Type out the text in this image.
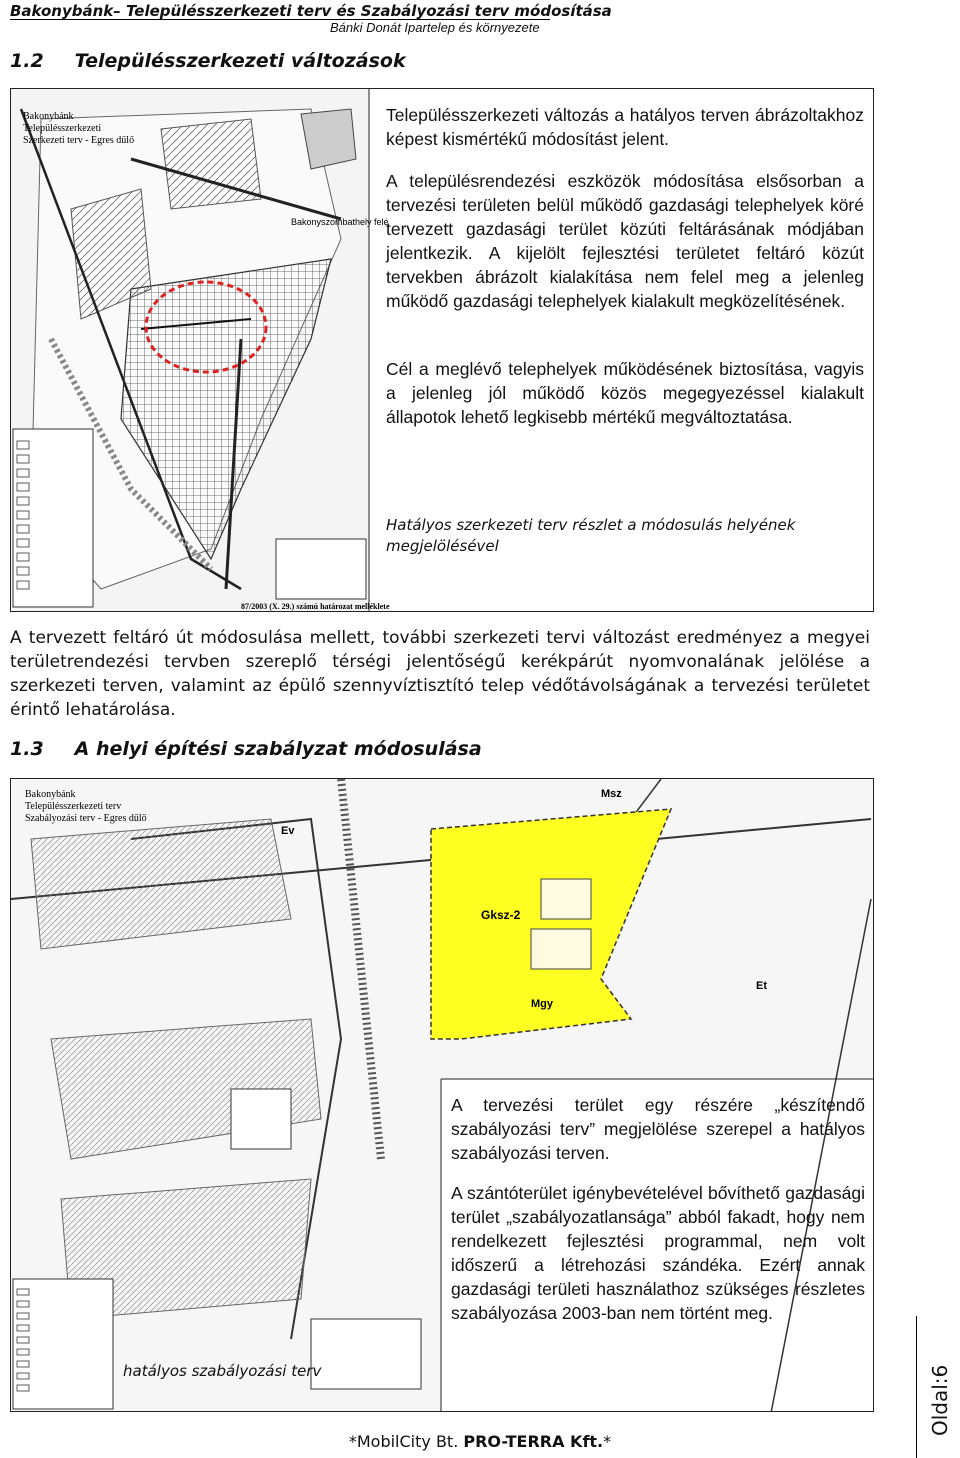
Bakonybánk– Településszerkezeti terv és Szabályozási terv módosítása
Bánki Donát Ipartelep és környezete
1.2 Településszerkezeti változások
Bakonybánk
Településszerkezeti
Szerkezeti terv - Egres dűlő
Bakonyszombathely felé
87/2003 (X. 29.) számú határozat melléklete
Településszerkezeti változás a hatályos terven ábrázoltakhoz képest kismértékű módosítást jelent.
A településrendezési eszközök módosítása elsősorban a tervezési területen belül működő gazdasági telephelyek köré tervezett gazdasági terület közúti feltárásának módjában jelentkezik. A kijelölt fejlesztési területet feltáró közút tervekben ábrázolt kialakítása nem felel meg a jelenleg működő gazdasági telephelyek kialakult megközelítésének.
Cél a meglévő telephelyek működésének biztosítása, vagyis a jelenleg jól működő közös megegyezéssel kialakult állapotok lehető legkisebb mértékű megváltoztatása.
Hatályos szerkezeti terv részlet a módosulás helyének megjelölésével
A tervezett feltáró út módosulása mellett, további szerkezeti tervi változást eredményez a megyei területrendezési tervben szereplő térségi jelentőségű kerékpárút nyomvonalának jelölése a szerkezeti terven, valamint az épülő szennyvíztisztító telep védőtávolságának a tervezési területet érintő lehatárolása.
1.3 A helyi építési szabályzat módosulása
Bakonybánk
Településszerkezeti terv
Szabályozási terv - Egres dűlő
Gksz-2
Msz
Mgy
Et
Ev
A tervezési terület egy részére „készítendő szabályozási terv” megjelölése szerepel a hatályos szabályozási terven.
A szántóterület igénybevételével bővíthető gazdasági terület „szabályozatlansága” abból fakadt, hogy nem rendelkezett fejlesztési programmal, nem volt időszerű a létrehozási szándéka. Ezért annak gazdasági területi használathoz szükséges részletes szabályozása 2003-ban nem történt meg.
hatályos szabályozási terv	Oldal:6
*MobilCity Bt. PRO-TERRA Kft.*
